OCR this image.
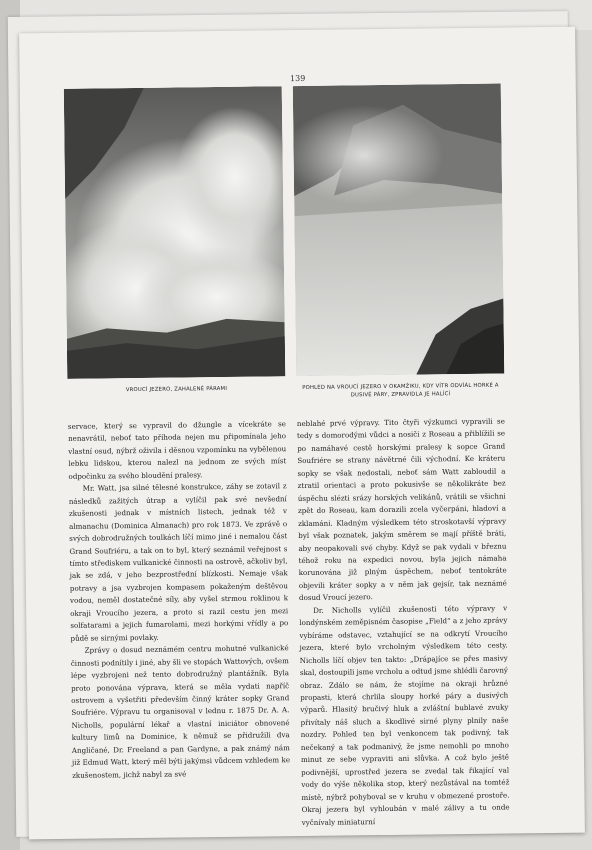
139
VROUCÍ JEZERO, ZAHALENÉ PÁRAMI	POHLED NA VROUCÍ JEZERO V OKAMŽIKU, KDY VÍTR ODVÍÁL HORKÉ A DUSIVÉ PÁRY, ZPRAVIDLA JE HALÍCÍ

servace, který se vypravil do džungle a vícekráte se nenavrátil, neboť tato příhoda nejen mu připomínala jeho vlastní osud, nýbrž oživila i děsnou vzpomínku na vybělenou lebku lidskou, kterou nalezl na jednom ze svých míst odpočinku za svého bloudění pralesy.

Mr. Watt, jsa silné tělesné konstrukce, záhy se zotavil z následků zažitých útrap a vylíčil pak své nevšední zkušenosti jednak v místních listech, jednak též v almanachu (Dominica Almanach) pro rok 1873. Ve zprávě o svých dobrodružných toulkách líčí mimo jiné i nemalou část Grand Soufriéru, a tak on to byl, který seznámil veřejnost s tímto střediskem vulkanické činnosti na ostrově, ačkoliv byl, jak se zdá, v jeho bezprostřední blízkosti. Nemaje však potravy a jsa vyzbrojen kompasem pokaženým deštěvou vodou, neměl dostatečné síly, aby vyšel strmou roklinou k okraji Vroucího jezera, a proto si razil cestu jen mezi solfatarami a jejich fumarolami, mezi horkými vřídly a po půdě se sirnými povlaky.

Zprávy o dosud neznámém centru mohutné vulkanické činnosti podnítily i jiné, aby šli ve stopách Wattových, ovšem lépe vyzbrojeni než tento dobrodružný plantážník. Byla proto ponována výprava, která se měla vydati napříč ostrovem a vyšetřiti především činný kráter sopky Grand Soufriére. Výpravu tu organisoval v lednu r. 1875 Dr. A. A. Nicholls, populární lékař a vlastní iniciátor obnovené kultury limů na Dominice, k němuž se přidružili dva Angličané, Dr. Freeland a pan Gardyne, a pak známý nám již Edmud Watt, který měl býti jakýmsi vůdcem vzhledem ke zkušenostem, jichž nabyl za své

neblahé prvé výpravy. Tito čtyři výzkumci vypravili se tedy s domorodými vůdci a nosiči z Roseau a přiblížili se po namáhavé cestě horskými pralesy k sopce Grand Soufriére se strany návětrné čili východní. Ke kráteru sopky se však nedostali, neboť sám Watt zabloudil a ztratil orientaci a proto pokusivše se několikráte bez úspěchu slézti srázy horských velikánů, vrátili se všichni zpět do Roseau, kam dorazili zcela vyčerpáni, hladoví a zklamáni. Kladným výsledkem této stroskotavší výpravy byl však poznatek, jakým směrem se mají příště bráti, aby neopakovali své chyby. Když se pak vydali v březnu téhož roku na expedici novou, byla jejich námaha korunována již plným úspěchem, neboť tentokráte objevili kráter sopky a v něm jak gejsír, tak neznámé dosud Vroucí jezero.

Dr. Nicholls vylíčil zkušenosti této výpravy v londýnském zeměpisném časopise „Field“ a z jeho zprávy vybíráme odstavec, vztahující se na odkrytí Vroucího jezera, které bylo vrcholným výsledkem této cesty. Nicholls líčí objev ten takto: „Drápajíce se přes masivy skal, dostoupili jsme vrcholu a odtud jsme shlédli čarovný obraz. Zdálo se nám, že stojíme na okraji hrůzné propasti, která chrlila sloupy horké páry a dusivých výparů. Hlasitý bručivý hluk a zvláštní bublavé zvuky přivítaly náš sluch a škodlivé sirné plyny plnily naše nozdry. Pohled ten byl venkoncem tak podivný, tak nečekaný a tak podmanivý, že jsme nemohli po mnoho minut ze sebe vypraviti ani slůvka. A což bylo ještě podivnější, uprostřed jezera se zvedal tak řikající val vody do výše několika stop, který nezůstával na tomtéž místě, nýbrž pohyboval se v kruhu v obmezené prostoře. Okraj jezera byl vyhloubán v malé zálivy a tu onde vyčnívaly miniaturní
